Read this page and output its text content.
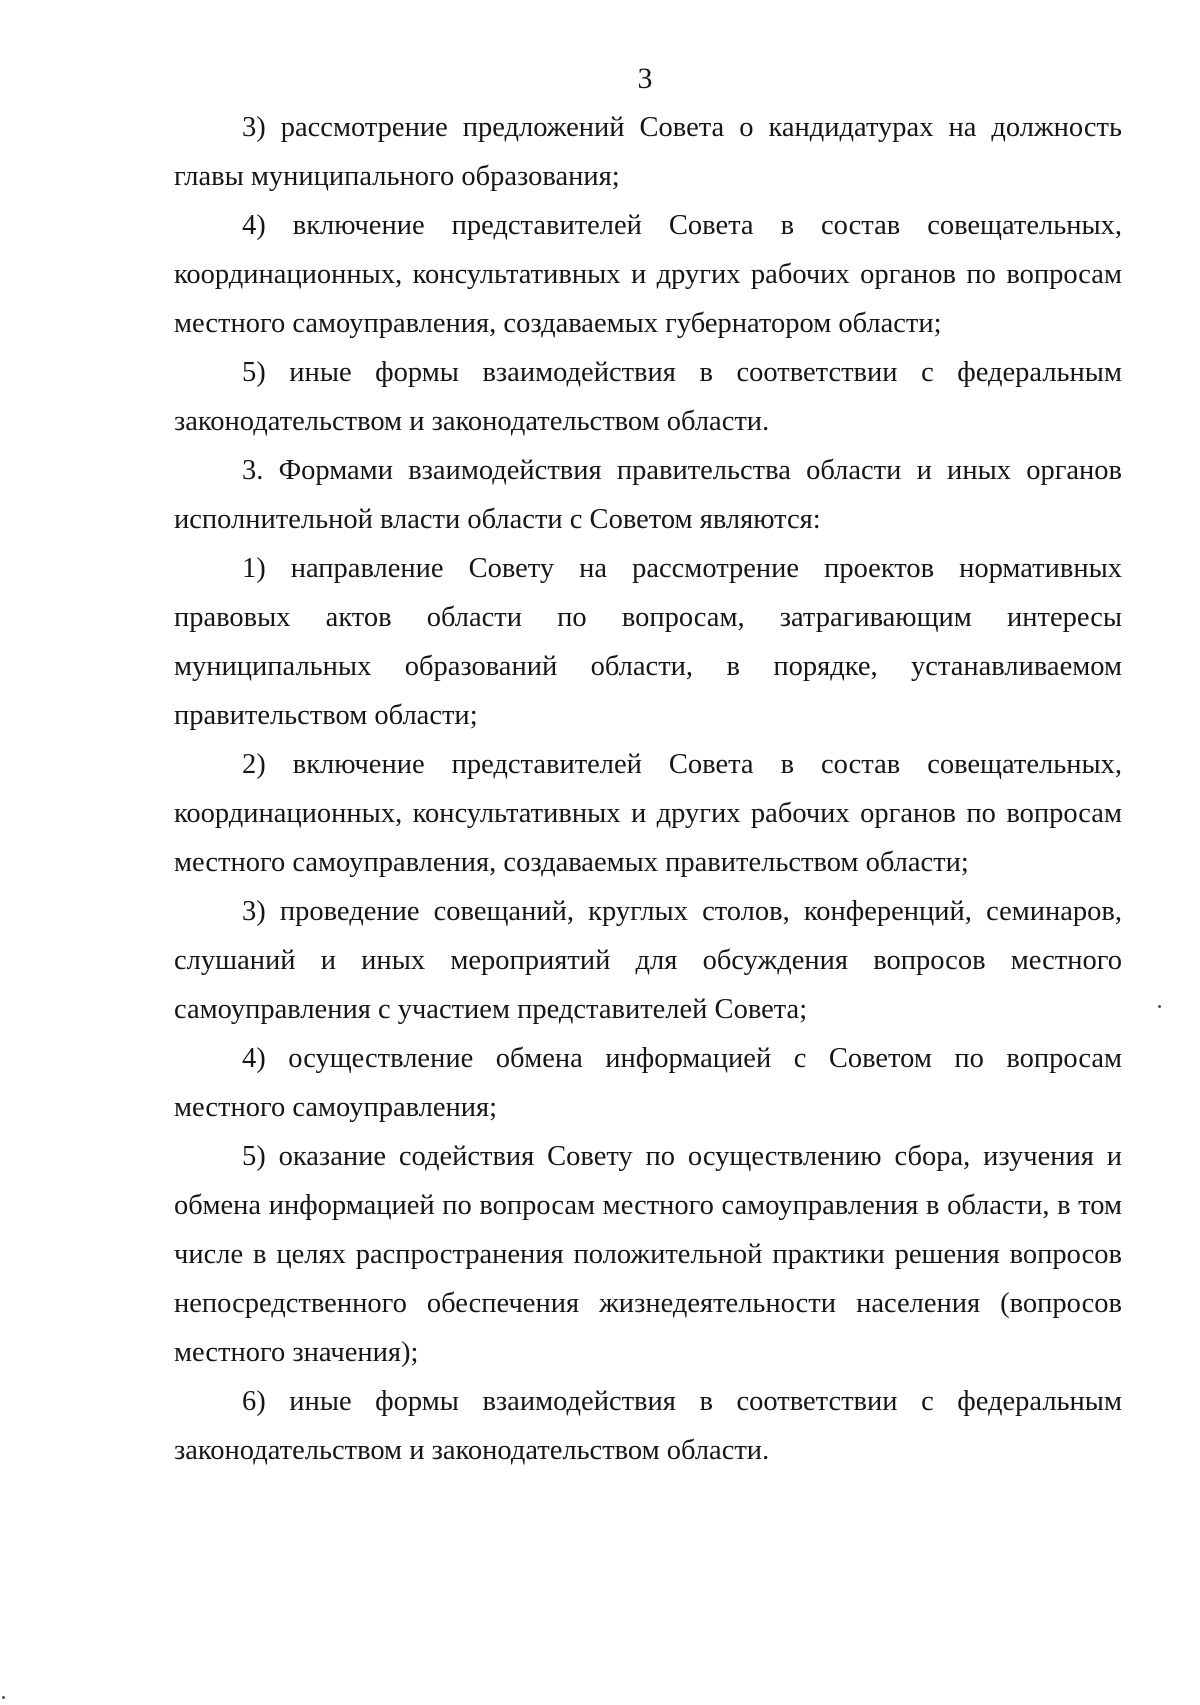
3

3) рассмотрение предложений Совета о кандидатурах на должность главы муниципального образования;

4) включение представителей Совета в состав совещательных, координационных, консультативных и других рабочих органов по вопросам местного самоуправления, создаваемых губернатором области;

5) иные формы взаимодействия в соответствии с федеральным законодательством и законодательством области.

3. Формами взаимодействия правительства области и иных органов исполнительной власти области с Советом являются:

1) направление Совету на рассмотрение проектов нормативных правовых актов области по вопросам, затрагивающим интересы муниципальных образований области, в порядке, устанавливаемом правительством области;

2) включение представителей Совета в состав совещательных, координационных, консультативных и других рабочих органов по вопросам местного самоуправления, создаваемых правительством области;

3) проведение совещаний, круглых столов, конференций, семинаров, слушаний и иных мероприятий для обсуждения вопросов местного самоуправления с участием представителей Совета;

4) осуществление обмена информацией с Советом по вопросам местного самоуправления;

5) оказание содействия Совету по осуществлению сбора, изучения и обмена информацией по вопросам местного самоуправления в области, в том числе в целях распространения положительной практики решения вопросов непосредственного обеспечения жизнедеятельности населения (вопросов местного значения);

6) иные формы взаимодействия в соответствии с федеральным законодательством и законодательством области.
